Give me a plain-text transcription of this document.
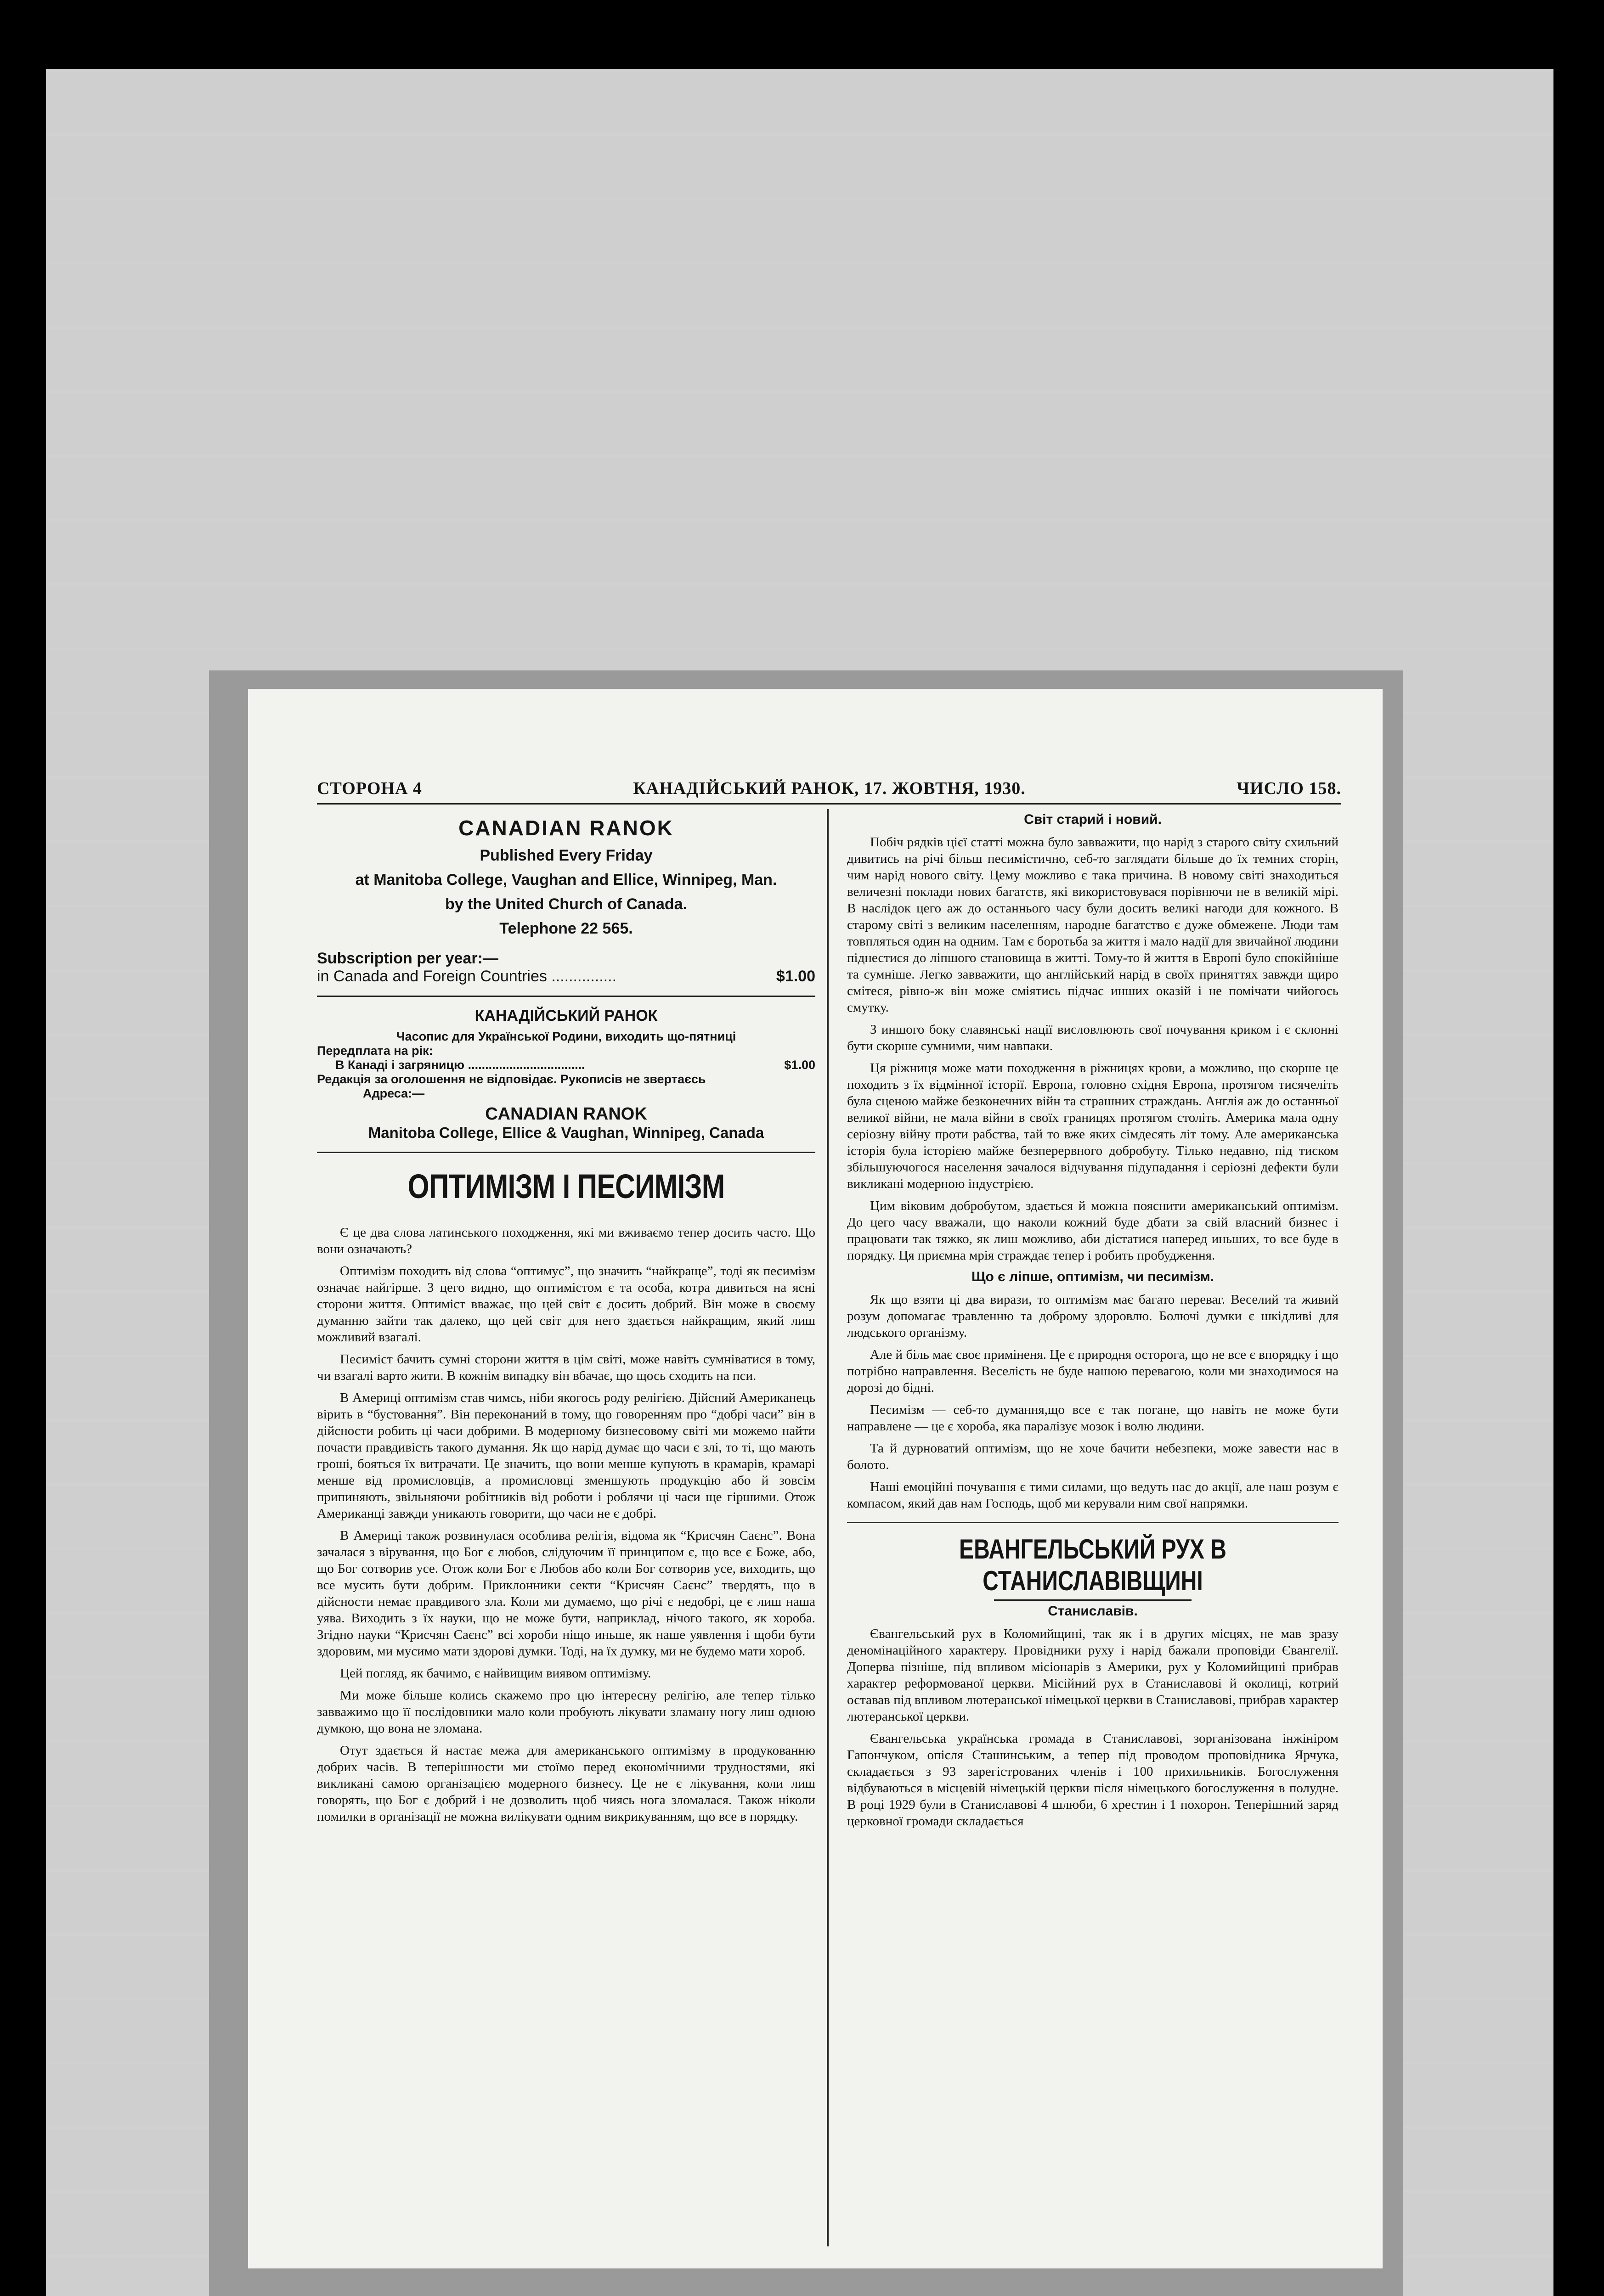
СТОРОНА 4	КАНАДІЙСЬКИЙ РАНОК, 17. ЖОВТНЯ, 1930.	ЧИСЛО 158.
CANADIAN RANOK
Published Every Friday
at Manitoba College, Vaughan and Ellice, Winnipeg, Man.
by the United Church of Canada.
Telephone 22 565.
Subscription per year:—
in Canada and Foreign Countries ...............	$1.00
КАНАДІЙСЬКИЙ РАНОК
Часопис для Української Родини, виходить що-пятниці
Передплата на рік:
В Канаді і загряницю ..................................	$1.00
Редакція за оголошення не відповідає. Рукописів не звертаєсь
Адреса:—
CANADIAN RANOK
Manitoba College, Ellice & Vaughan, Winnipeg, Canada
ОПТИМІЗМ І ПЕСИМІЗМ

Є це два слова латинського походження, які ми вживаємо тепер досить часто. Що вони означають?

Оптимізм походить від слова “оптимус”, що значить “найкраще”, тоді як песимізм означає найгірше. З цего видно, що оптимістом є та особа, котра дивиться на ясні сторони життя. Оптиміст вважає, що цей світ є досить добрий. Він може в своєму думанню зайти так далеко, що цей світ для него здається найкращим, який лиш можливий взагалі.

Песиміст бачить сумні сторони життя в цім світі, може навіть сумніватися в тому, чи взагалі варто жити. В кожнім випадку він вбачає, що щось сходить на пси.

В Америці оптимізм став чимсь, ніби якогось роду релігією. Дійсний Американець вірить в “бустовання”. Він переконаний в тому, що говоренням про “добрі часи” він в дійсности робить ці часи добрими. В модерному бизнесовому світі ми можемо найти почасти правдивість такого думання. Як що нарід думає що часи є злі, то ті, що мають гроші, бояться їх витрачати. Це значить, що вони менше купують в крамарів, крамарі менше від промисловців, а промисловці зменшують продукцію або й зовсім припиняють, звільняючи робітників від роботи і роблячи ці часи ще гіршими. Отож Американці завжди уникають говорити, що часи не є добрі.

В Америці також розвинулася особлива релігія, відома як “Крисчян Саєнс”. Вона зачалася з вірування, що Бог є любов, слідуючим її принципом є, що все є Боже, або, що Бог сотворив усе. Отож коли Бог є Любов або коли Бог сотворив усе, виходить, що все мусить бути добрим. Приклонники секти “Крисчян Саєнс” твердять, що в дійсности немає правдивого зла. Коли ми думаємо, що річі є недобрі, це є лиш наша уява. Виходить з їх науки, що не може бути, наприклад, нічого такого, як хороба. Згідно науки “Крисчян Саєнс” всі хороби ніщо иньше, як наше уявлення і щоби бути здоровим, ми мусимо мати здорові думки. Тоді, на їх думку, ми не будемо мати хороб.

Цей погляд, як бачимо, є найвищим виявом оптимізму.

Ми може більше колись скажемо про цю інтересну релігію, але тепер тілько завважимо що її послідовники мало коли пробують лікувати зламану ногу лиш одною думкою, що вона не зломана.

Отут здається й настає межа для американського оптимізму в продукованню добрих часів. В теперішности ми стоїмо перед економічними трудностями, які викликані самою організацією модерного бизнесу. Це не є лікування, коли лиш говорять, що Бог є добрий і не дозволить щоб чиясь нога зломалася. Також ніколи помилки в організації не можна вилікувати одним викрикуванням, що все в порядку.

Світ старий і новий.

Побіч рядків цієї статті можна було завважити, що нарід з старого світу схильний дивитись на річі більш песимістично, себ-то заглядати більше до їх темних сторін, чим нарід нового світу. Цему можливо є така причина. В новому світі знаходиться величезні поклади нових багатств, які використовувася порівнючи не в великій мірі. В наслідок цего аж до останнього часу були досить великі нагоди для кожного. В старому світі з великим населенням, народне багатство є дуже обмежене. Люди там товпляться один на одним. Там є боротьба за життя і мало надії для звичайної людини піднестися до ліпшого становища в житті. Тому-то й життя в Европі було спокійніше та сумніше. Легко завважити, що англійський нарід в своїх приняттях завжди щиро смітеся, рівно-ж він може сміятись підчас инших оказій і не помічати чийогось смутку.

З иншого боку славянські нації висловлюють свої почування криком і є склонні бути скорше сумними, чим навпаки.

Ця ріжниця може мати походження в ріжницях крови, а можливо, що скорше це походить з їх відмінної історії. Европа, головно східня Европа, протягом тисячеліть була сценою майже безконечних війн та страшних страждань. Англія аж до останньої великої війни, не мала війни в своїх границях протягом століть. Америка мала одну серіозну війну проти рабства, тай то вже яких сімдесять літ тому. Але американська історія була історією майже безперервного добробуту. Тілько недавно, під тиском збільшуючогося населення зачалося відчування підупадання і серіозні дефекти були викликані модерною індустрією.

Цим віковим добробутом, здається й можна пояснити американський оптимізм. До цего часу вважали, що наколи кожний буде дбати за свій власний бизнес і працювати так тяжко, як лиш можливо, аби дістатися наперед иньших, то все буде в порядку. Ця приємна мрія страждає тепер і робить пробудження.

Що є ліпше, оптимізм, чи песимізм.

Як що взяти ці два вирази, то оптимізм має багато переваг. Веселий та живий розум допомагає травленню та доброму здоровлю. Болючі думки є шкідливі для людського організму.

Але й біль має своє приміненя. Це є природня осторога, що не все є впорядку і що потрібно направлення. Веселість не буде нашою перевагою, коли ми знаходимося на дорозі до бідні.

Песимізм — себ-то думання,що все є так погане, що навіть не може бути направлене — це є хороба, яка паралізує мозок і волю людини.

Та й дурноватий оптимізм, що не хоче бачити небезпеки, може завести нас в болото.

Наші емоційні почування є тими силами, що ведуть нас до акції, але наш розум є компасом, який дав нам Господь, щоб ми керували ним свої напрямки.

ЕВАНГЕЛЬСЬКИЙ РУХ В СТАНИСЛАВІВЩИНІ
Станиславів.

Євангельський рух в Коломийщині, так як і в других місцях, не мав зразу деномінаційного характеру. Провідники руху і нарід бажали проповіди Євангелії. Доперва пізніше, під впливом місіонарів з Америки, рух у Коломийщині прибрав характер реформованої церкви. Місійний рух в Станиславові й околиці, котрий оставав під впливом лютеранської німецької церкви в Станиславові, прибрав характер лютеранської церкви.

Євангельська українська громада в Станиславові, зорганізована інжініром Гапончуком, опісля Сташинським, а тепер під проводом проповідника Ярчука, складається з 93 зарегістрованих членів і 100 прихильників. Богослуження відбуваються в місцевій німецькій церкви після німецького богослуження в полудне. В році 1929 були в Станиславові 4 шлюби, 6 хрестин і 1 похорон. Теперішний заряд церковної громади складається
